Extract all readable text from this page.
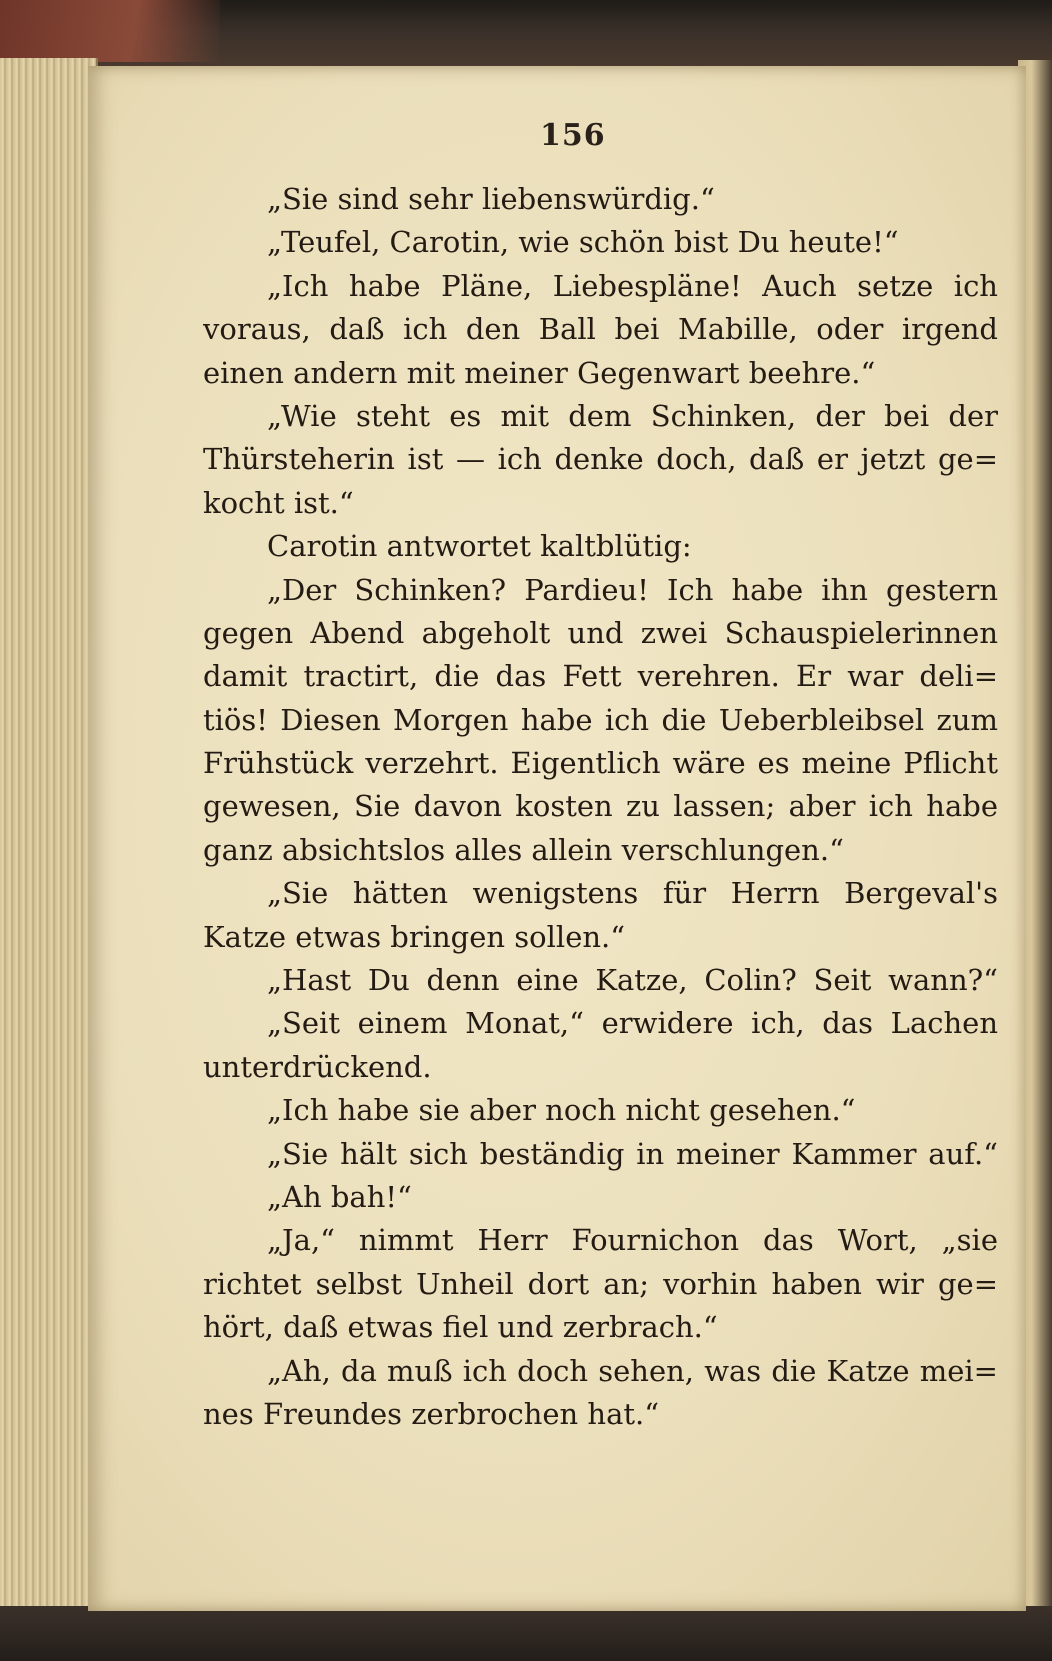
156
„Sie sind sehr liebenswürdig.“
„Teufel, Carotin, wie schön bist Du heute!“
„Ich habe Pläne, Liebespläne! Auch setze ich
voraus, daß ich den Ball bei Mabille, oder irgend
einen andern mit meiner Gegenwart beehre.“
„Wie steht es mit dem Schinken, der bei der
Thürsteherin ist — ich denke doch, daß er jetzt ge=
kocht ist.“
Carotin antwortet kaltblütig:
„Der Schinken? Pardieu! Ich habe ihn gestern
gegen Abend abgeholt und zwei Schauspielerinnen
damit tractirt, die das Fett verehren. Er war deli=
tiös! Diesen Morgen habe ich die Ueberbleibsel zum
Frühstück verzehrt. Eigentlich wäre es meine Pflicht
gewesen, Sie davon kosten zu lassen; aber ich habe
ganz absichtslos alles allein verschlungen.“
„Sie hätten wenigstens für Herrn Bergeval's
Katze etwas bringen sollen.“
„Hast Du denn eine Katze, Colin? Seit wann?“
„Seit einem Monat,“ erwidere ich, das Lachen
unterdrückend.
„Ich habe sie aber noch nicht gesehen.“
„Sie hält sich beständig in meiner Kammer auf.“
„Ah bah!“
„Ja,“ nimmt Herr Fournichon das Wort, „sie
richtet selbst Unheil dort an; vorhin haben wir ge=
hört, daß etwas fiel und zerbrach.“
„Ah, da muß ich doch sehen, was die Katze mei=
nes Freundes zerbrochen hat.“
